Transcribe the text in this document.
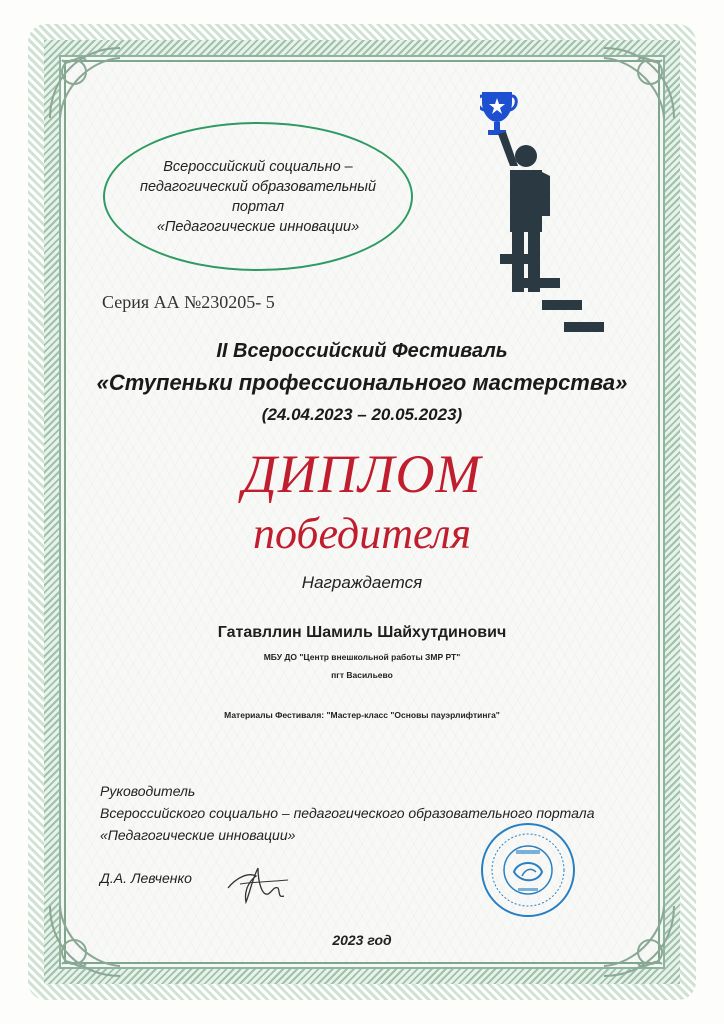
Всероссийский социально –
педагогический образовательный
портал
«Педагогические инновации»
Серия АА №230205- 5
II Всероссийский Фестиваль
«Ступеньки профессионального мастерства»
(24.04.2023 – 20.05.2023)
ДИПЛОМ
победителя
Награждается
Гатавллин Шамиль Шайхутдинович
МБУ ДО "Центр внешкольной работы ЗМР РТ"
пгт Васильево
Материалы Фестиваля: "Мастер-класс "Основы пауэрлифтинга"
Руководитель
Всероссийского социально – педагогического образовательного портала
«Педагогические инновации»
Д.А. Левченко
2023 год
